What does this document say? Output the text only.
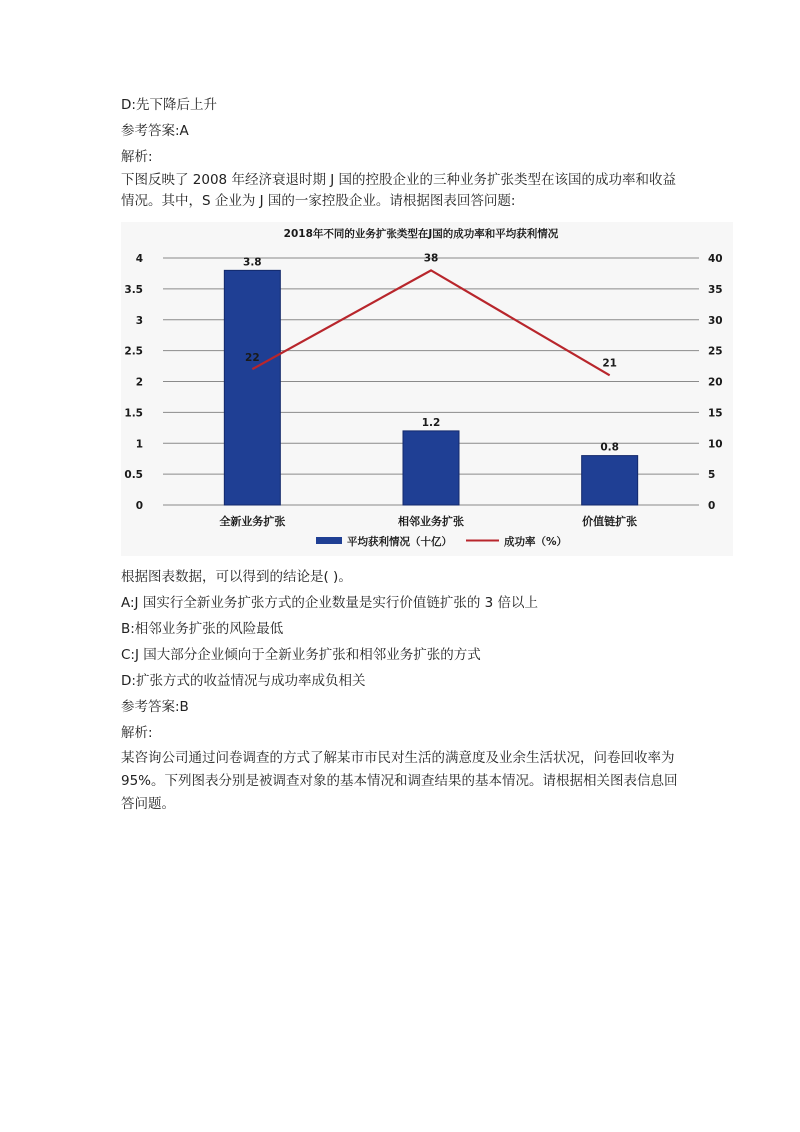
D:先下降后上升
参考答案:A
解析:
下图反映了 2008 年经济衰退时期 J 国的控股企业的三种业务扩张类型在该国的成功率和收益情况。其中，S 企业为 J 国的一家控股企业。请根据图表回答问题:
2018年不同的业务扩张类型在J国的成功率和平均获利情况
0
0.5
1
1.5
2
2.5
3
3.5
4
0
5
10
15
20
25
30
35
40
3.8
1.2
0.8
全新业务扩张	相邻业务扩张	价值链扩张
22
38
21
平均获利情况（十亿）	成功率（%）
根据图表数据，可以得到的结论是( )。
A:J 国实行全新业务扩张方式的企业数量是实行价值链扩张的 3 倍以上
B:相邻业务扩张的风险最低
C:J 国大部分企业倾向于全新业务扩张和相邻业务扩张的方式
D:扩张方式的收益情况与成功率成负相关
参考答案:B
解析:
某咨询公司通过问卷调查的方式了解某市市民对生活的满意度及业余生活状况，问卷回收率为 95%。下列图表分别是被调查对象的基本情况和调查结果的基本情况。请根据相关图表信息回答问题。
